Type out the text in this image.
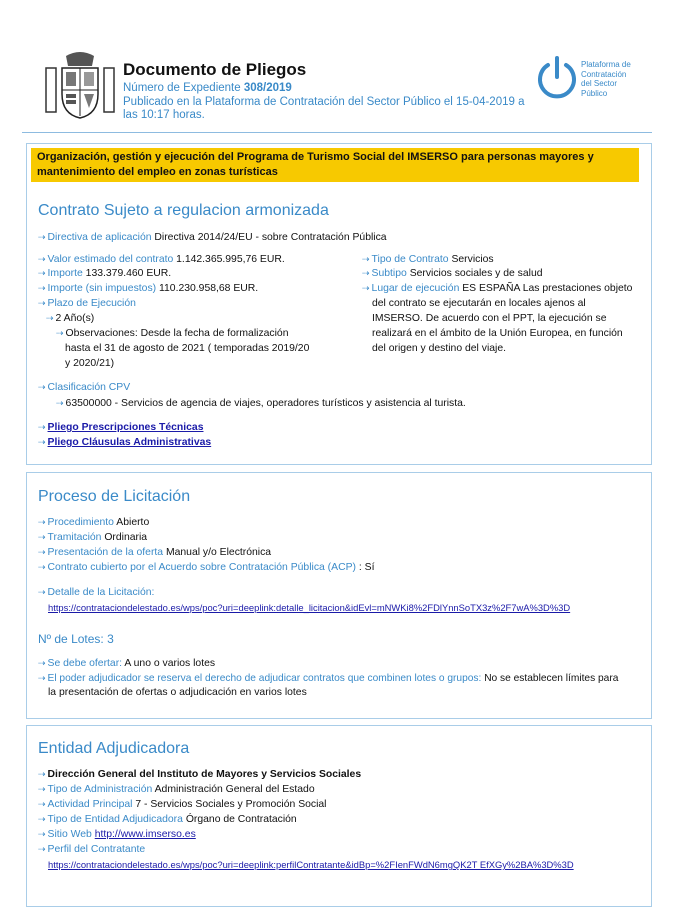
Documento de Pliegos
Número de Expediente 308/2019
Publicado en la Plataforma de Contratación del Sector Público el 15-04-2019 a
las 10:17 horas.
Plataforma de
Contratación
del Sector
Público
Organización, gestión y ejecución del Programa de Turismo Social del IMSERSO para personas mayores y
mantenimiento del empleo en zonas turísticas
Contrato Sujeto a regulacion armonizada
⇢ Directiva de aplicación Directiva 2014/24/EU - sobre Contratación Pública
⇢ Valor estimado del contrato 1.142.365.995,76 EUR.
⇢ Importe 133.379.460 EUR.
⇢ Importe (sin impuestos) 110.230.958,68 EUR.
⇢ Plazo de Ejecución
⇢ 2 Año(s)
⇢ Observaciones: Desde la fecha de formalización
hasta el 31 de agosto de 2021 ( temporadas 2019/20
y 2020/21)
⇢ Tipo de Contrato Servicios
⇢ Subtipo Servicios sociales y de salud
⇢ Lugar de ejecución ES ESPAÑA Las prestaciones objeto
del contrato se ejecutarán en locales ajenos al
IMSERSO. De acuerdo con el PPT, la ejecución se
realizará en el ámbito de la Unión Europea, en función
del origen y destino del viaje.
⇢ Clasificación CPV
⇢ 63500000 - Servicios de agencia de viajes, operadores turísticos y asistencia al turista.
⇢ Pliego Prescripciones Técnicas
⇢ Pliego Cláusulas Administrativas
Proceso de Licitación
⇢ Procedimiento Abierto
⇢ Tramitación Ordinaria
⇢ Presentación de la oferta Manual y/o Electrónica
⇢ Contrato cubierto por el Acuerdo sobre Contratación Pública (ACP) : Sí
⇢ Detalle de la Licitación:
https://contrataciondelestado.es/wps/poc?uri=deeplink:detalle_licitacion&idEvl=mNWKi8%2FDlYnnSoTX3z%2F7wA%3D%3D
Nº de Lotes: 3
⇢ Se debe ofertar: A uno o varios lotes
⇢ El poder adjudicador se reserva el derecho de adjudicar contratos que combinen lotes o grupos: No se establecen límites para
la presentación de ofertas o adjudicación en varios lotes
Entidad Adjudicadora
⇢ Dirección General del Instituto de Mayores y Servicios Sociales
⇢ Tipo de Administración Administración General del Estado
⇢ Actividad Principal 7 - Servicios Sociales y Promoción Social
⇢ Tipo de Entidad Adjudicadora Órgano de Contratación
⇢ Sitio Web http://www.imserso.es
⇢ Perfil del Contratante
https://contrataciondelestado.es/wps/poc?uri=deeplink:perfilContratante&idBp=%2FIenFWdN6mgQK2T EfXGy%2BA%3D%3D
